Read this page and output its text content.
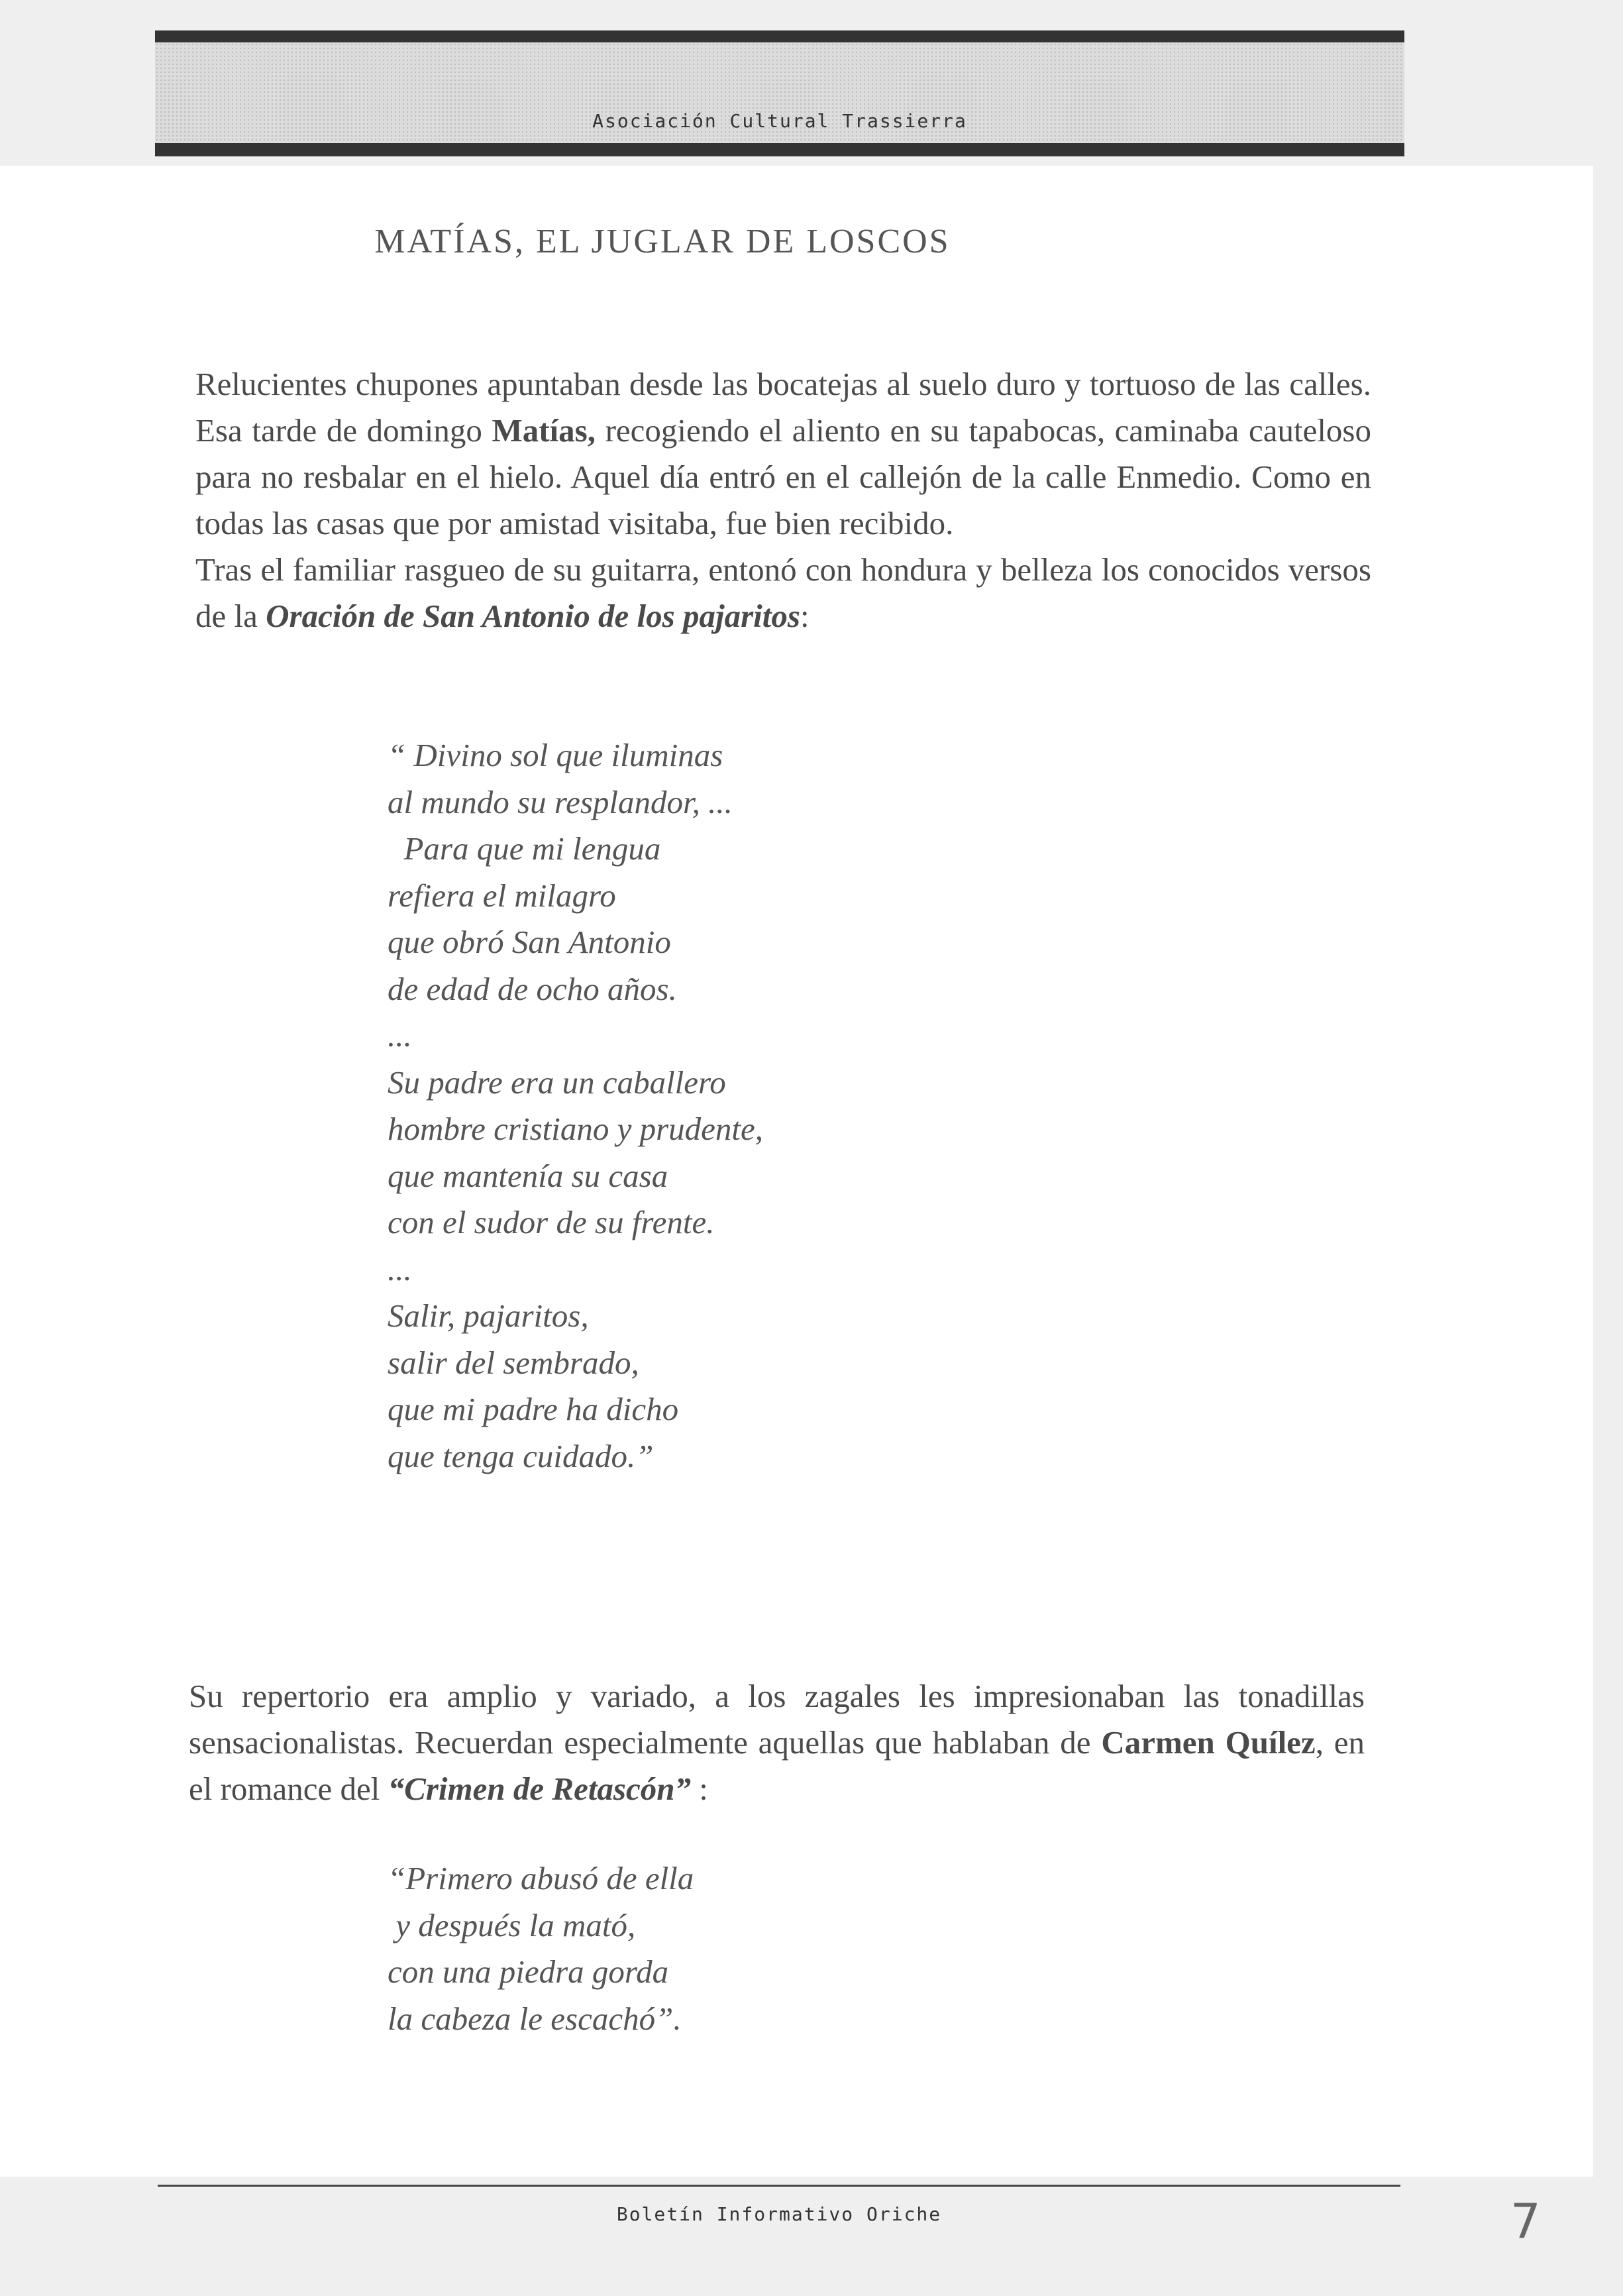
Asociación Cultural Trassierra
MATÍAS, EL JUGLAR DE LOSCOS

Relucientes chupones apuntaban desde las bocatejas al suelo duro y tortuoso de las calles. Esa tarde de domingo Matías, recogiendo el aliento en su tapabocas, caminaba cauteloso para no resbalar en el hielo. Aquel día entró en el callejón de la calle Enmedio. Como en todas las casas que por amistad visitaba, fue bien recibido.

Tras el familiar rasgueo de su guitarra, entonó con hondura y belleza los conocidos versos de la Oración de San Antonio de los pajaritos:

“ Divino sol que iluminas
al mundo su resplandor, ...
Para que mi lengua
refiera el milagro
que obró San Antonio
de edad de ocho años.
...
Su padre era un caballero
hombre cristiano y prudente,
que mantenía su casa
con el sudor de su frente.
...
Salir, pajaritos,
salir del sembrado,
que mi padre ha dicho
que tenga cuidado.”

Su repertorio era amplio y variado, a los zagales les impresionaban las tonadillas sensacionalistas. Recuerdan especialmente aquellas que hablaban de Carmen Quílez, en el romance del “Crimen de Retascón” :

“Primero abusó de ella
y después la mató,
con una piedra gorda
la cabeza le escachó”.
Boletín Informativo Oriche	7
